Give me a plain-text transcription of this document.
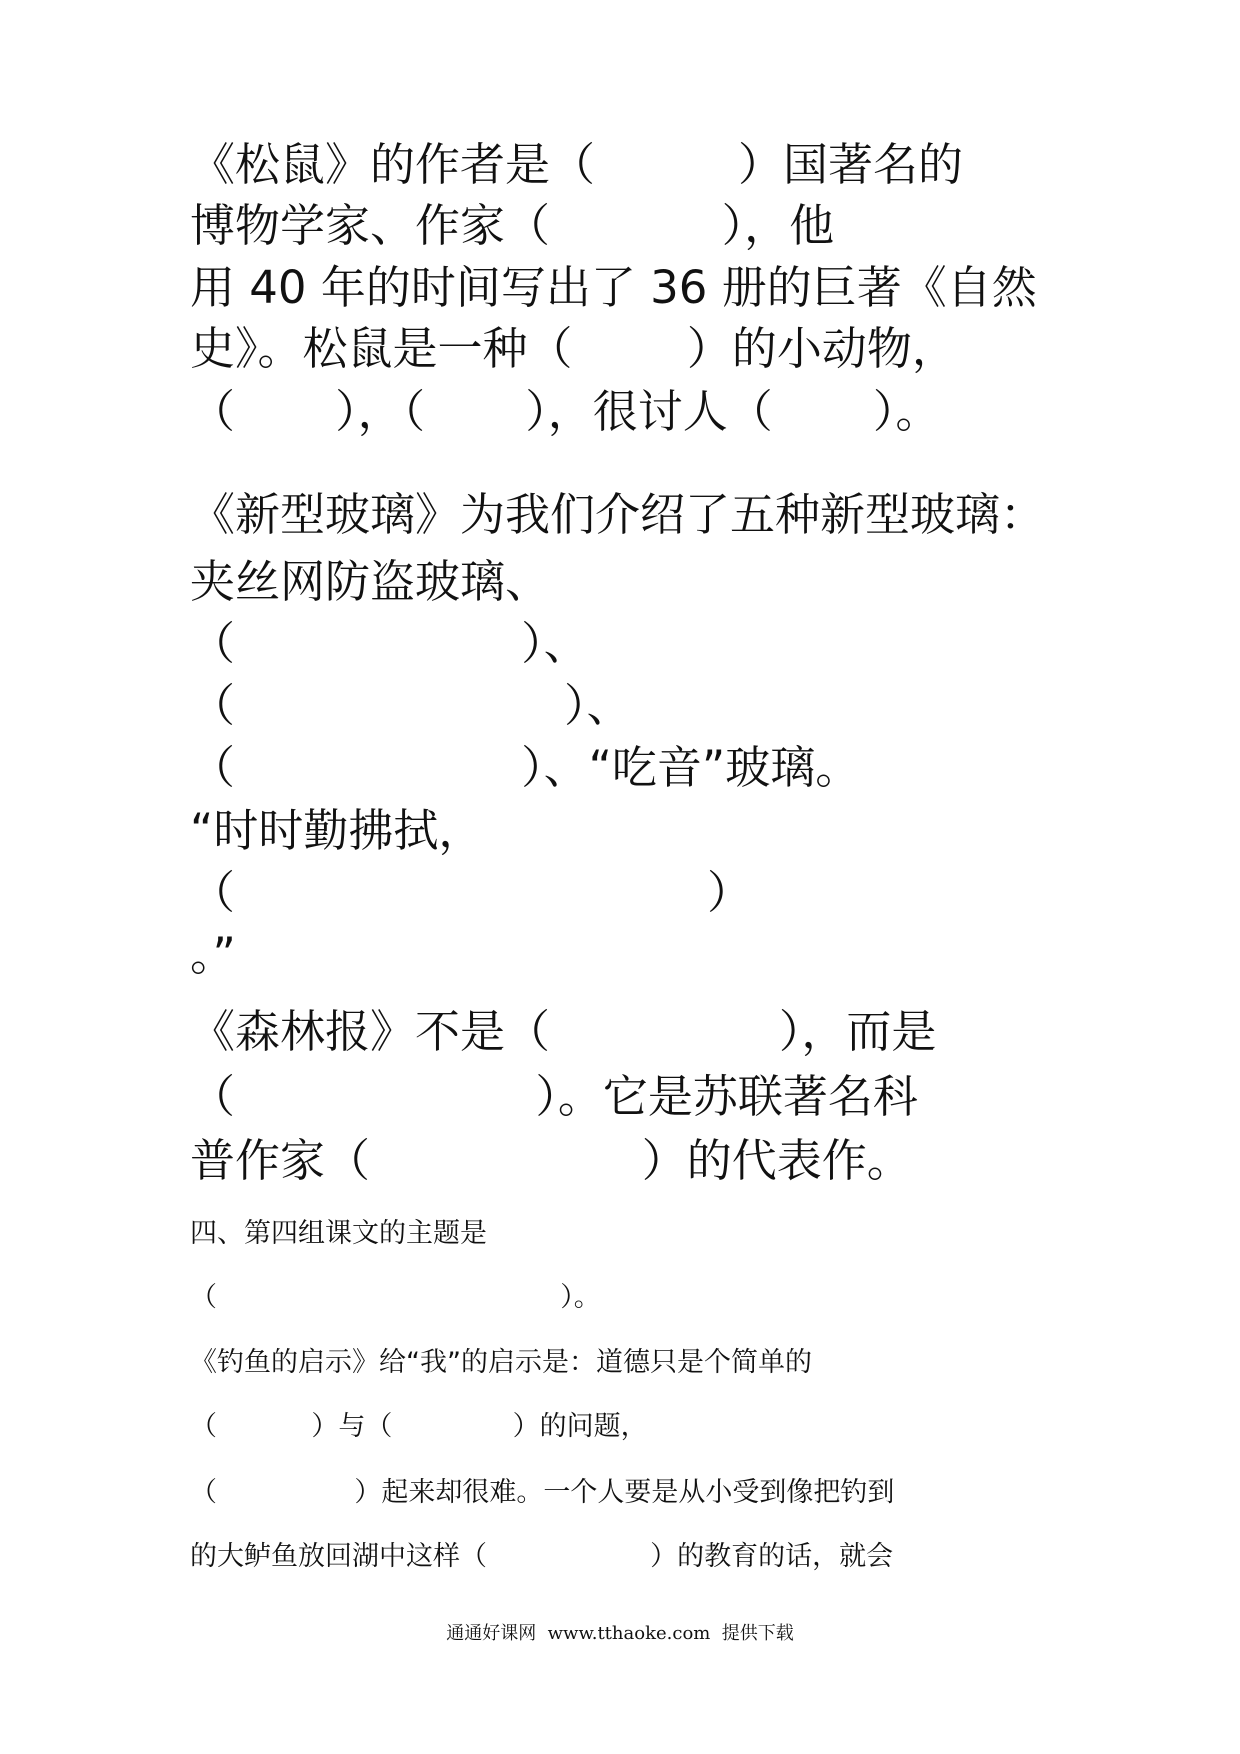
《松鼠》的作者是（          ）国著名的
博物学家、作家（            ），他
用 40 年的时间写出了 36 册的巨著《自然
史》。松鼠是一种（        ）的小动物，
（       ），（       ），很讨人（       ）。
《新型玻璃》为我们介绍了五种新型玻璃：
夹丝网防盗玻璃、
（                    ）、
（                       ）、
（                    ）、“吃音”玻璃。
“时时勤拂拭，
（                                 ）
。”
《森林报》不是（                ），而是
（                     ）。它是苏联著名科
普作家（                   ）的代表作。
四、第四组课文的主题是
（                                        ）。
《钓鱼的启示》给“我”的启示是：道德只是个简单的
（           ）与（              ）的问题，
（                ）起来却很难。一个人要是从小受到像把钓到
的大鲈鱼放回湖中这样（                   ）的教育的话，就会
通通好课网  www.tthaoke.com  提供下载
